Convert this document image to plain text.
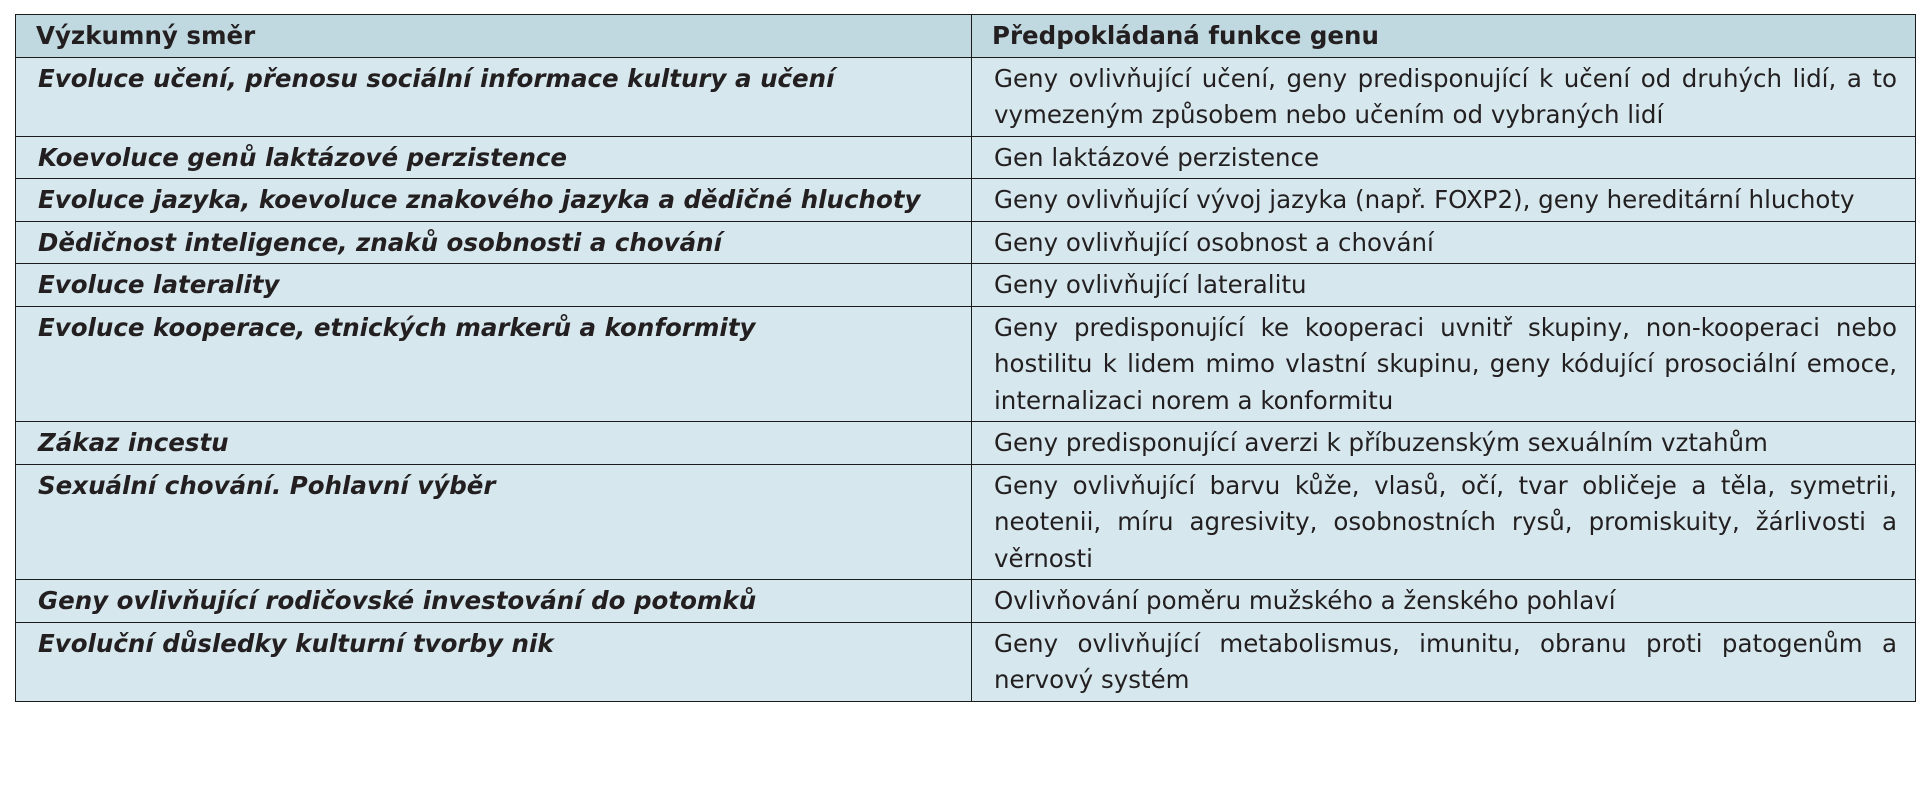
Výzkumný směr	Předpokládaná funkce genu
Evoluce učení, přenosu sociální informace kultury a učení	Geny ovlivňující učení, geny predisponující k učení od druhých lidí, a to vymezeným způsobem nebo učením od vybraných lidí
Koevoluce genů laktázové perzistence	Gen laktázové perzistence
Evoluce jazyka, koevoluce znakového jazyka a dědičné hluchoty	Geny ovlivňující vývoj jazyka (např. FOXP2), geny hereditární hluchoty
Dědičnost inteligence, znaků osobnosti a chování	Geny ovlivňující osobnost a chování
Evoluce laterality	Geny ovlivňující lateralitu
Evoluce kooperace, etnických markerů a konformity	Geny predisponující ke kooperaci uvnitř skupiny, non-kooperaci nebo hostilitu k lidem mimo vlastní skupinu, geny kódující prosociální emoce, internalizaci norem a konformitu
Zákaz incestu	Geny predisponující averzi k příbuzenským sexuálním vztahům
Sexuální chování. Pohlavní výběr	Geny ovlivňující barvu kůže, vlasů, očí, tvar obličeje a těla, symetrii, neotenii, míru agresivity, osobnostních rysů, promiskuity, žárlivosti a věrnosti
Geny ovlivňující rodičovské investování do potomků	Ovlivňování poměru mužského a ženského pohlaví
Evoluční důsledky kulturní tvorby nik	Geny ovlivňující metabolismus, imunitu, obranu proti patogenům a nervový systém
